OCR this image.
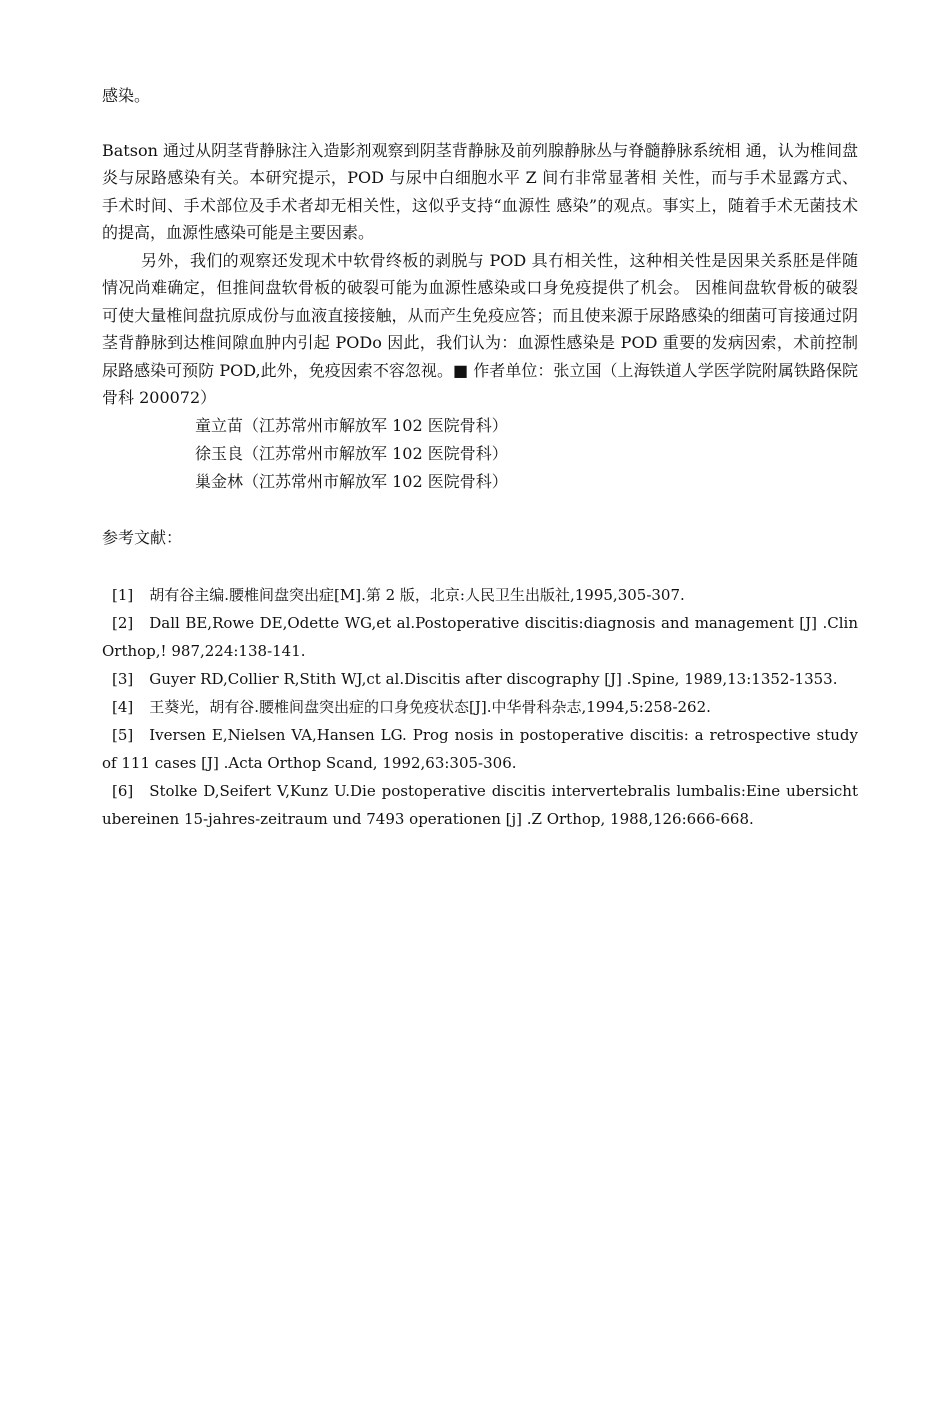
感染。

Batson 通过从阴茎背静脉注入造影剂观察到阴茎背静脉及前列腺静脉丛与脊髓静脉系统相 通，认为椎间盘炎与尿路感染有关。本研究提示，POD 与尿中白细胞水平 Z 间冇非常显著相 关性，而与手术显露方式、手术时间、手术部位及手术者却无相关性，这似乎支持“血源性 感染”的观点。事实上，随着手术无菌技术的提高，血源性感染可能是主要因素。

另外，我们的观察还发现术中软骨终板的剥脱与 POD 具冇相关性，这种相关性是因果关系胚是伴随情况尚难确定，但推间盘软骨板的破裂可能为血源性感染或口身免疫提供了机会。 因椎间盘软骨板的破裂可使大量椎间盘抗原成份与血液直接接触，从而产生免疫应答；而且使来源于尿路感染的细菌可肓接通过阴茎背静脉到达椎间隙血肿内引起 PODo 因此，我们认为：血源性感染是 POD 重要的发病因索，术前控制尿路感染可预防 POD,此外，免疫因索不容忽视。■ 作者单位：张立国（上海铁道人学医学院附属铁路保院骨科 200072）

童立苗（江苏常州市解放军 102 医院骨科）
徐玉良（江苏常州市解放军 102 医院骨科）
巢金林（江苏常州市解放军 102 医院骨科）

参考文献：

[1] 胡有谷主编.腰椎间盘突出症[M].第 2 版，北京:人民卫生出版社,1995,305-307.

[2] Dall BE,Rowe DE,Odette WG,et al.Postoperative discitis:diagnosis and management [J] .Clin Orthop,! 987,224:138-141.

[3] Guyer RD,Collier R,Stith WJ,ct al.Discitis after discography [J] .Spine, 1989,13:1352-1353.

[4] 王葵光，胡有谷.腰椎间盘突出症的口身免疫状态[J].中华骨科杂志,1994,5:258-262.

[5] Iversen E,Nielsen VA,Hansen LG. Prog nosis in postoperative discitis: a retrospective study of 111 cases [J] .Acta Orthop Scand, 1992,63:305-306.

[6] Stolke D,Seifert V,Kunz U.Die postoperative discitis intervertebralis lumbalis:Eine ubersicht ubereinen 15-jahres-zeitraum und 7493 operationen [j] .Z Orthop, 1988,126:666-668.
